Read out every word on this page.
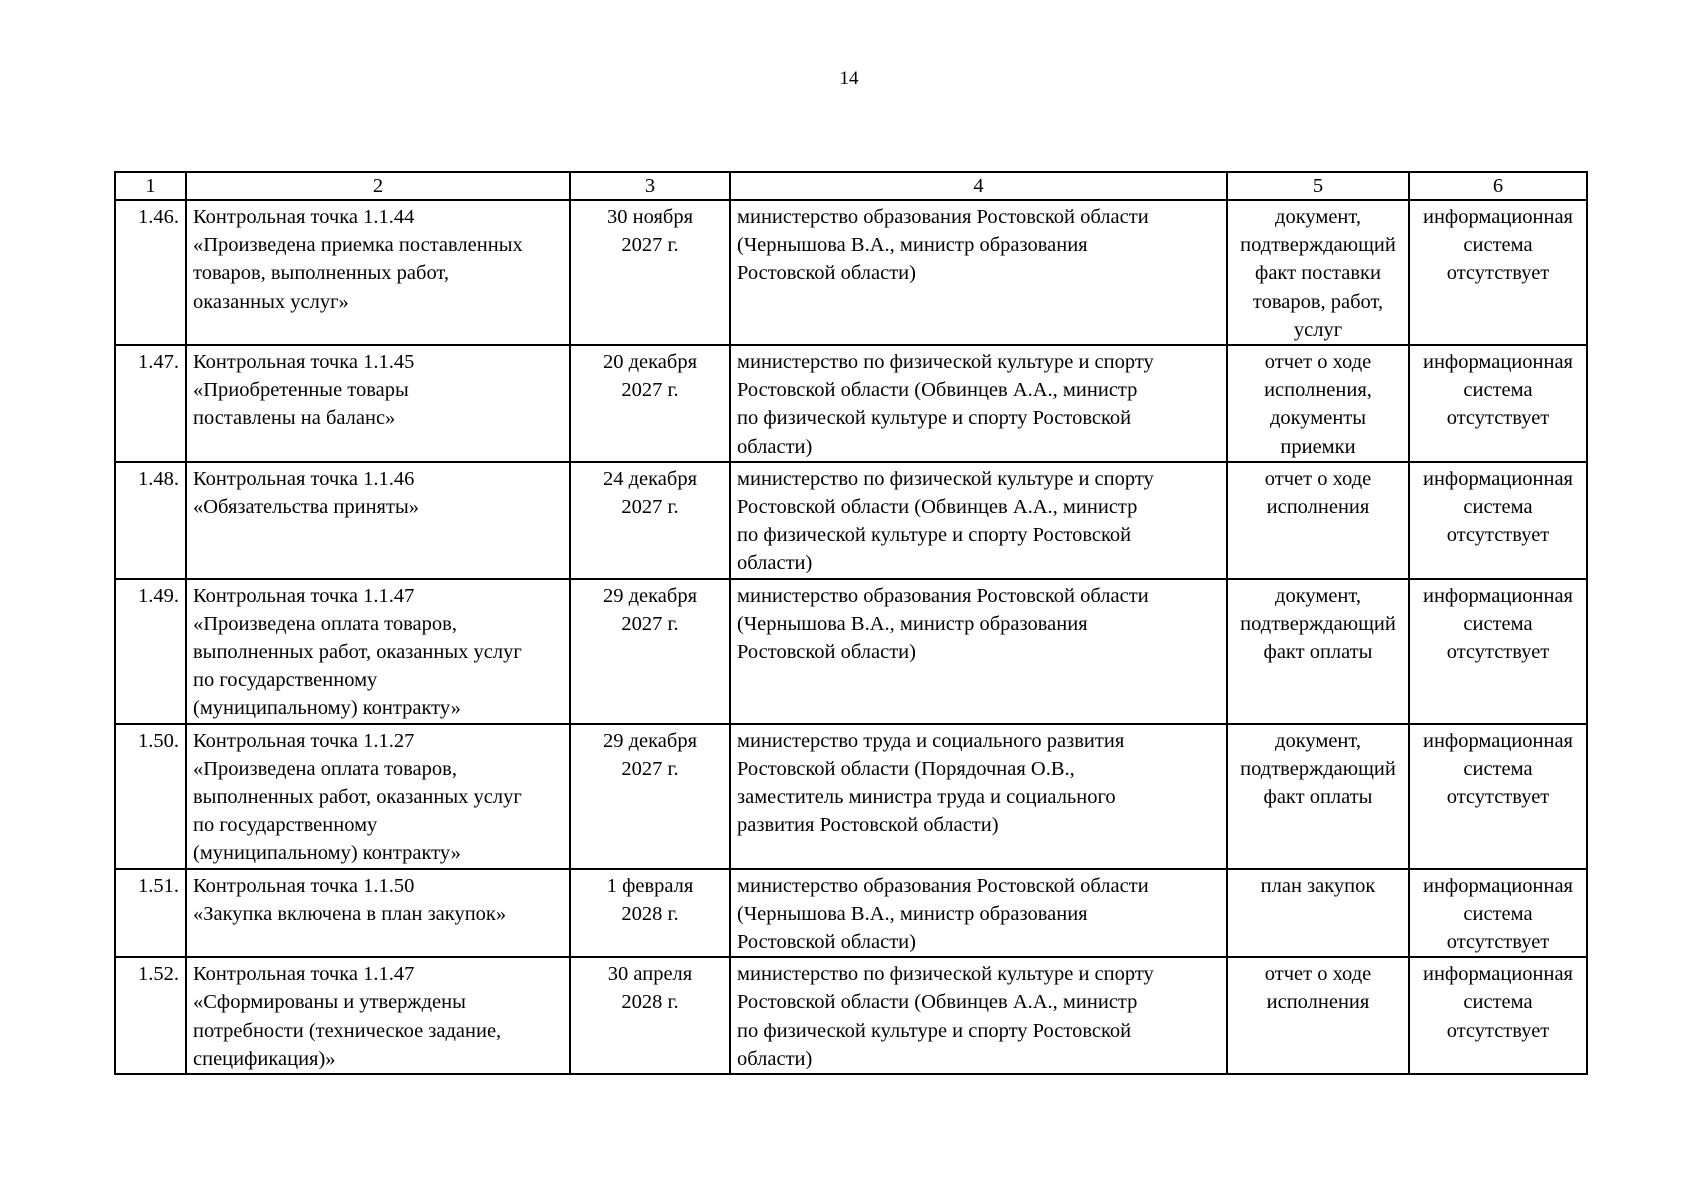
14
1	2	3	4	5	6
1.46.	Контрольная точка 1.1.44
«Произведена приемка поставленных
товаров, выполненных работ,
оказанных услуг»	30 ноября
2027 г.	министерство образования Ростовской области
(Чернышова В.А., министр образования
Ростовской области)	документ,
подтверждающий
факт поставки
товаров, работ,
услуг	информационная
система
отсутствует
1.47.	Контрольная точка 1.1.45
«Приобретенные товары
поставлены на баланс»	20 декабря
2027 г.	министерство по физической культуре и спорту
Ростовской области (Обвинцев А.А., министр
по физической культуре и спорту Ростовской
области)	отчет о ходе
исполнения,
документы
приемки	информационная
система
отсутствует
1.48.	Контрольная точка 1.1.46
«Обязательства приняты»	24 декабря
2027 г.	министерство по физической культуре и спорту
Ростовской области (Обвинцев А.А., министр
по физической культуре и спорту Ростовской
области)	отчет о ходе
исполнения	информационная
система
отсутствует
1.49.	Контрольная точка 1.1.47
«Произведена оплата товаров,
выполненных работ, оказанных услуг
по государственному
(муниципальному) контракту»	29 декабря
2027 г.	министерство образования Ростовской области
(Чернышова В.А., министр образования
Ростовской области)	документ,
подтверждающий
факт оплаты	информационная
система
отсутствует
1.50.	Контрольная точка 1.1.27
«Произведена оплата товаров,
выполненных работ, оказанных услуг
по государственному
(муниципальному) контракту»	29 декабря
2027 г.	министерство труда и социального развития
Ростовской области (Порядочная О.В.,
заместитель министра труда и социального
развития Ростовской области)	документ,
подтверждающий
факт оплаты	информационная
система
отсутствует
1.51.	Контрольная точка 1.1.50
«Закупка включена в план закупок»	1 февраля
2028 г.	министерство образования Ростовской области
(Чернышова В.А., министр образования
Ростовской области)	план закупок	информационная
система
отсутствует
1.52.	Контрольная точка 1.1.47
«Сформированы и утверждены
потребности (техническое задание,
спецификация)»	30 апреля
2028 г.	министерство по физической культуре и спорту
Ростовской области (Обвинцев А.А., министр
по физической культуре и спорту Ростовской
области)	отчет о ходе
исполнения	информационная
система
отсутствует
